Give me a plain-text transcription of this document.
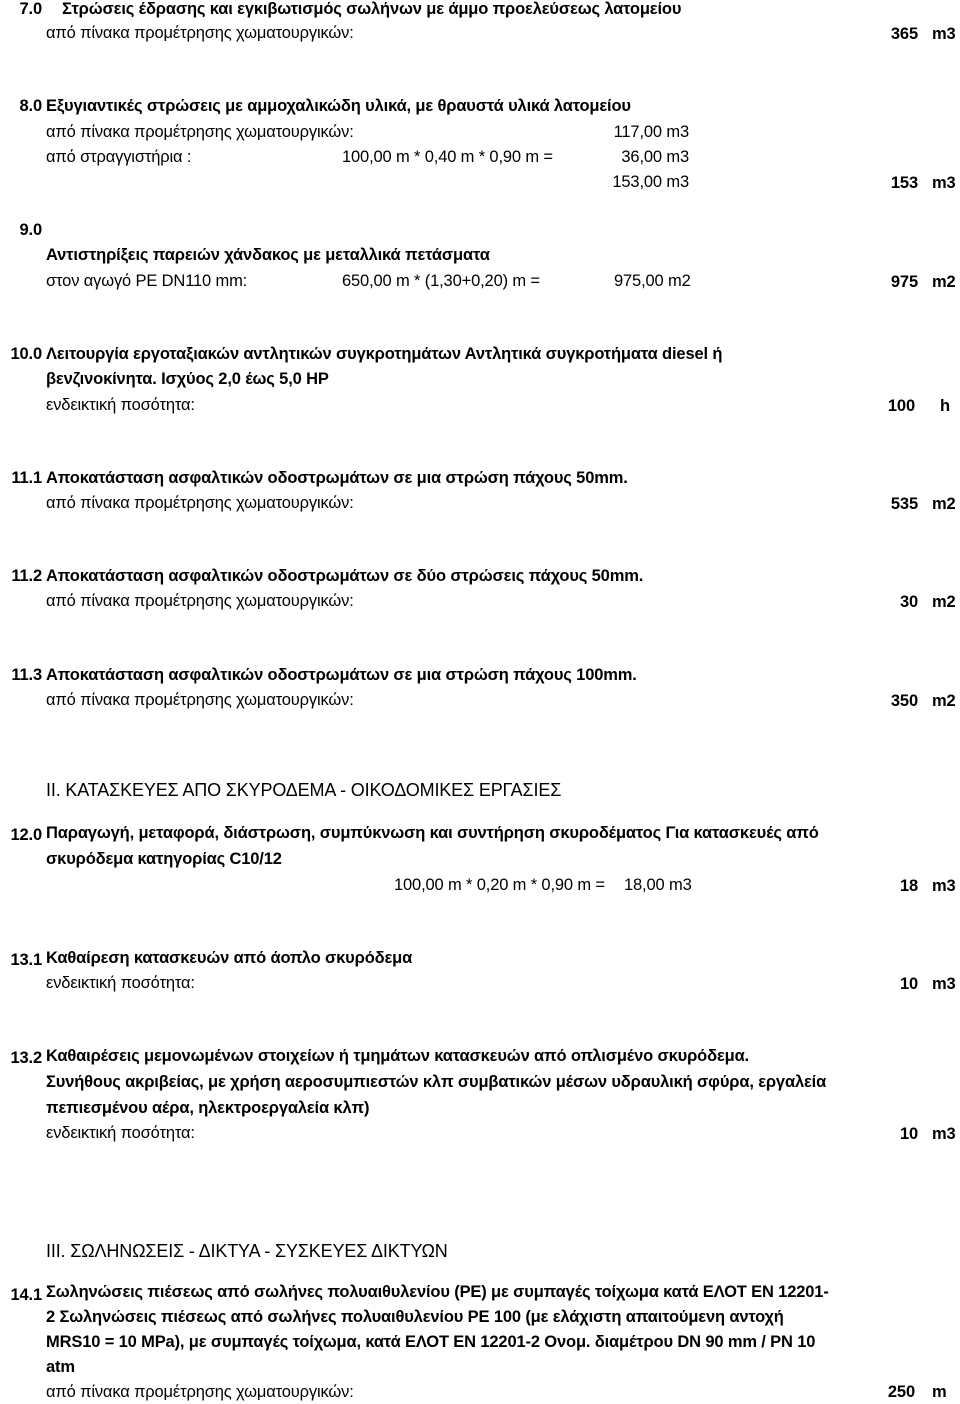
7.0 Στρώσεις έδρασης και εγκιβωτισμός σωλήνων με άμμο προελεύσεως λατομείου
από πίνακα προμέτρησης χωματουργικών:	365 m3
8.0 Εξυγιαντικές στρώσεις με αμμοχαλικώδη υλικά, με θραυστά υλικά λατομείου
από πίνακα προμέτρησης χωματουργικών:	117,00 m3
από στραγγιστήρια :	100,00 m * 0,40 m * 0,90 m =	36,00 m3
153,00 m3	153 m3
9.0
Αντιστηρίξεις παρειών χάνδακος με μεταλλικά πετάσματα
στον αγωγό PE DN110 mm:	650,00 m * (1,30+0,20) m =	975,00 m2	975 m2
10.0 Λειτουργία εργοταξιακών αντλητικών συγκροτημάτων Αντλητικά συγκροτήματα diesel ή
βενζινοκίνητα. Ισχύος 2,0 έως 5,0 HP
ενδεικτική ποσότητα:	100 h
11.1 Αποκατάσταση ασφαλτικών οδοστρωμάτων σε μια στρώση πάχους 50mm.
από πίνακα προμέτρησης χωματουργικών:	535 m2
11.2 Αποκατάσταση ασφαλτικών οδοστρωμάτων σε δύο στρώσεις πάχους 50mm.
από πίνακα προμέτρησης χωματουργικών:	30 m2
11.3 Αποκατάσταση ασφαλτικών οδοστρωμάτων σε μια στρώση πάχους 100mm.
από πίνακα προμέτρησης χωματουργικών:	350 m2
II. ΚΑΤΑΣΚΕΥΕΣ ΑΠΟ ΣΚΥΡΟΔΕΜΑ - ΟΙΚΟΔΟΜΙΚΕΣ ΕΡΓΑΣΙΕΣ
12.0 Παραγωγή, μεταφορά, διάστρωση, συμπύκνωση και συντήρηση σκυροδέματος Για κατασκευές από
σκυρόδεμα κατηγορίας C10/12
100,00 m * 0,20 m * 0,90 m = 18,00 m3	18 m3
13.1 Καθαίρεση κατασκευών από άοπλο σκυρόδεμα
ενδεικτική ποσότητα:	10 m3
13.2 Καθαιρέσεις μεμονωμένων στοιχείων ή τμημάτων κατασκευών από οπλισμένο σκυρόδεμα.
Συνήθους ακριβείας, με χρήση αεροσυμπιεστών κλπ συμβατικών μέσων υδραυλική σφύρα, εργαλεία
πεπιεσμένου αέρα, ηλεκτροεργαλεία κλπ)
ενδεικτική ποσότητα:	10 m3
III. ΣΩΛΗΝΩΣΕΙΣ - ΔΙΚΤΥΑ - ΣΥΣΚΕΥΕΣ ΔΙΚΤΥΩΝ
14.1 Σωληνώσεις πιέσεως από σωλήνες πολυαιθυλενίου (PE) με συμπαγές τοίχωμα κατά ΕΛΟΤ ΕΝ 12201-
2 Σωληνώσεις πιέσεως από σωλήνες πολυαιθυλενίου PE 100 (με ελάχιστη απαιτούμενη αντοχή
MRS10 = 10 MPa), με συμπαγές τοίχωμα, κατά ΕΛΟΤ ΕΝ 12201-2 Ονομ. διαμέτρου DN 90 mm / PN 10
atm
από πίνακα προμέτρησης χωματουργικών:	250 m
